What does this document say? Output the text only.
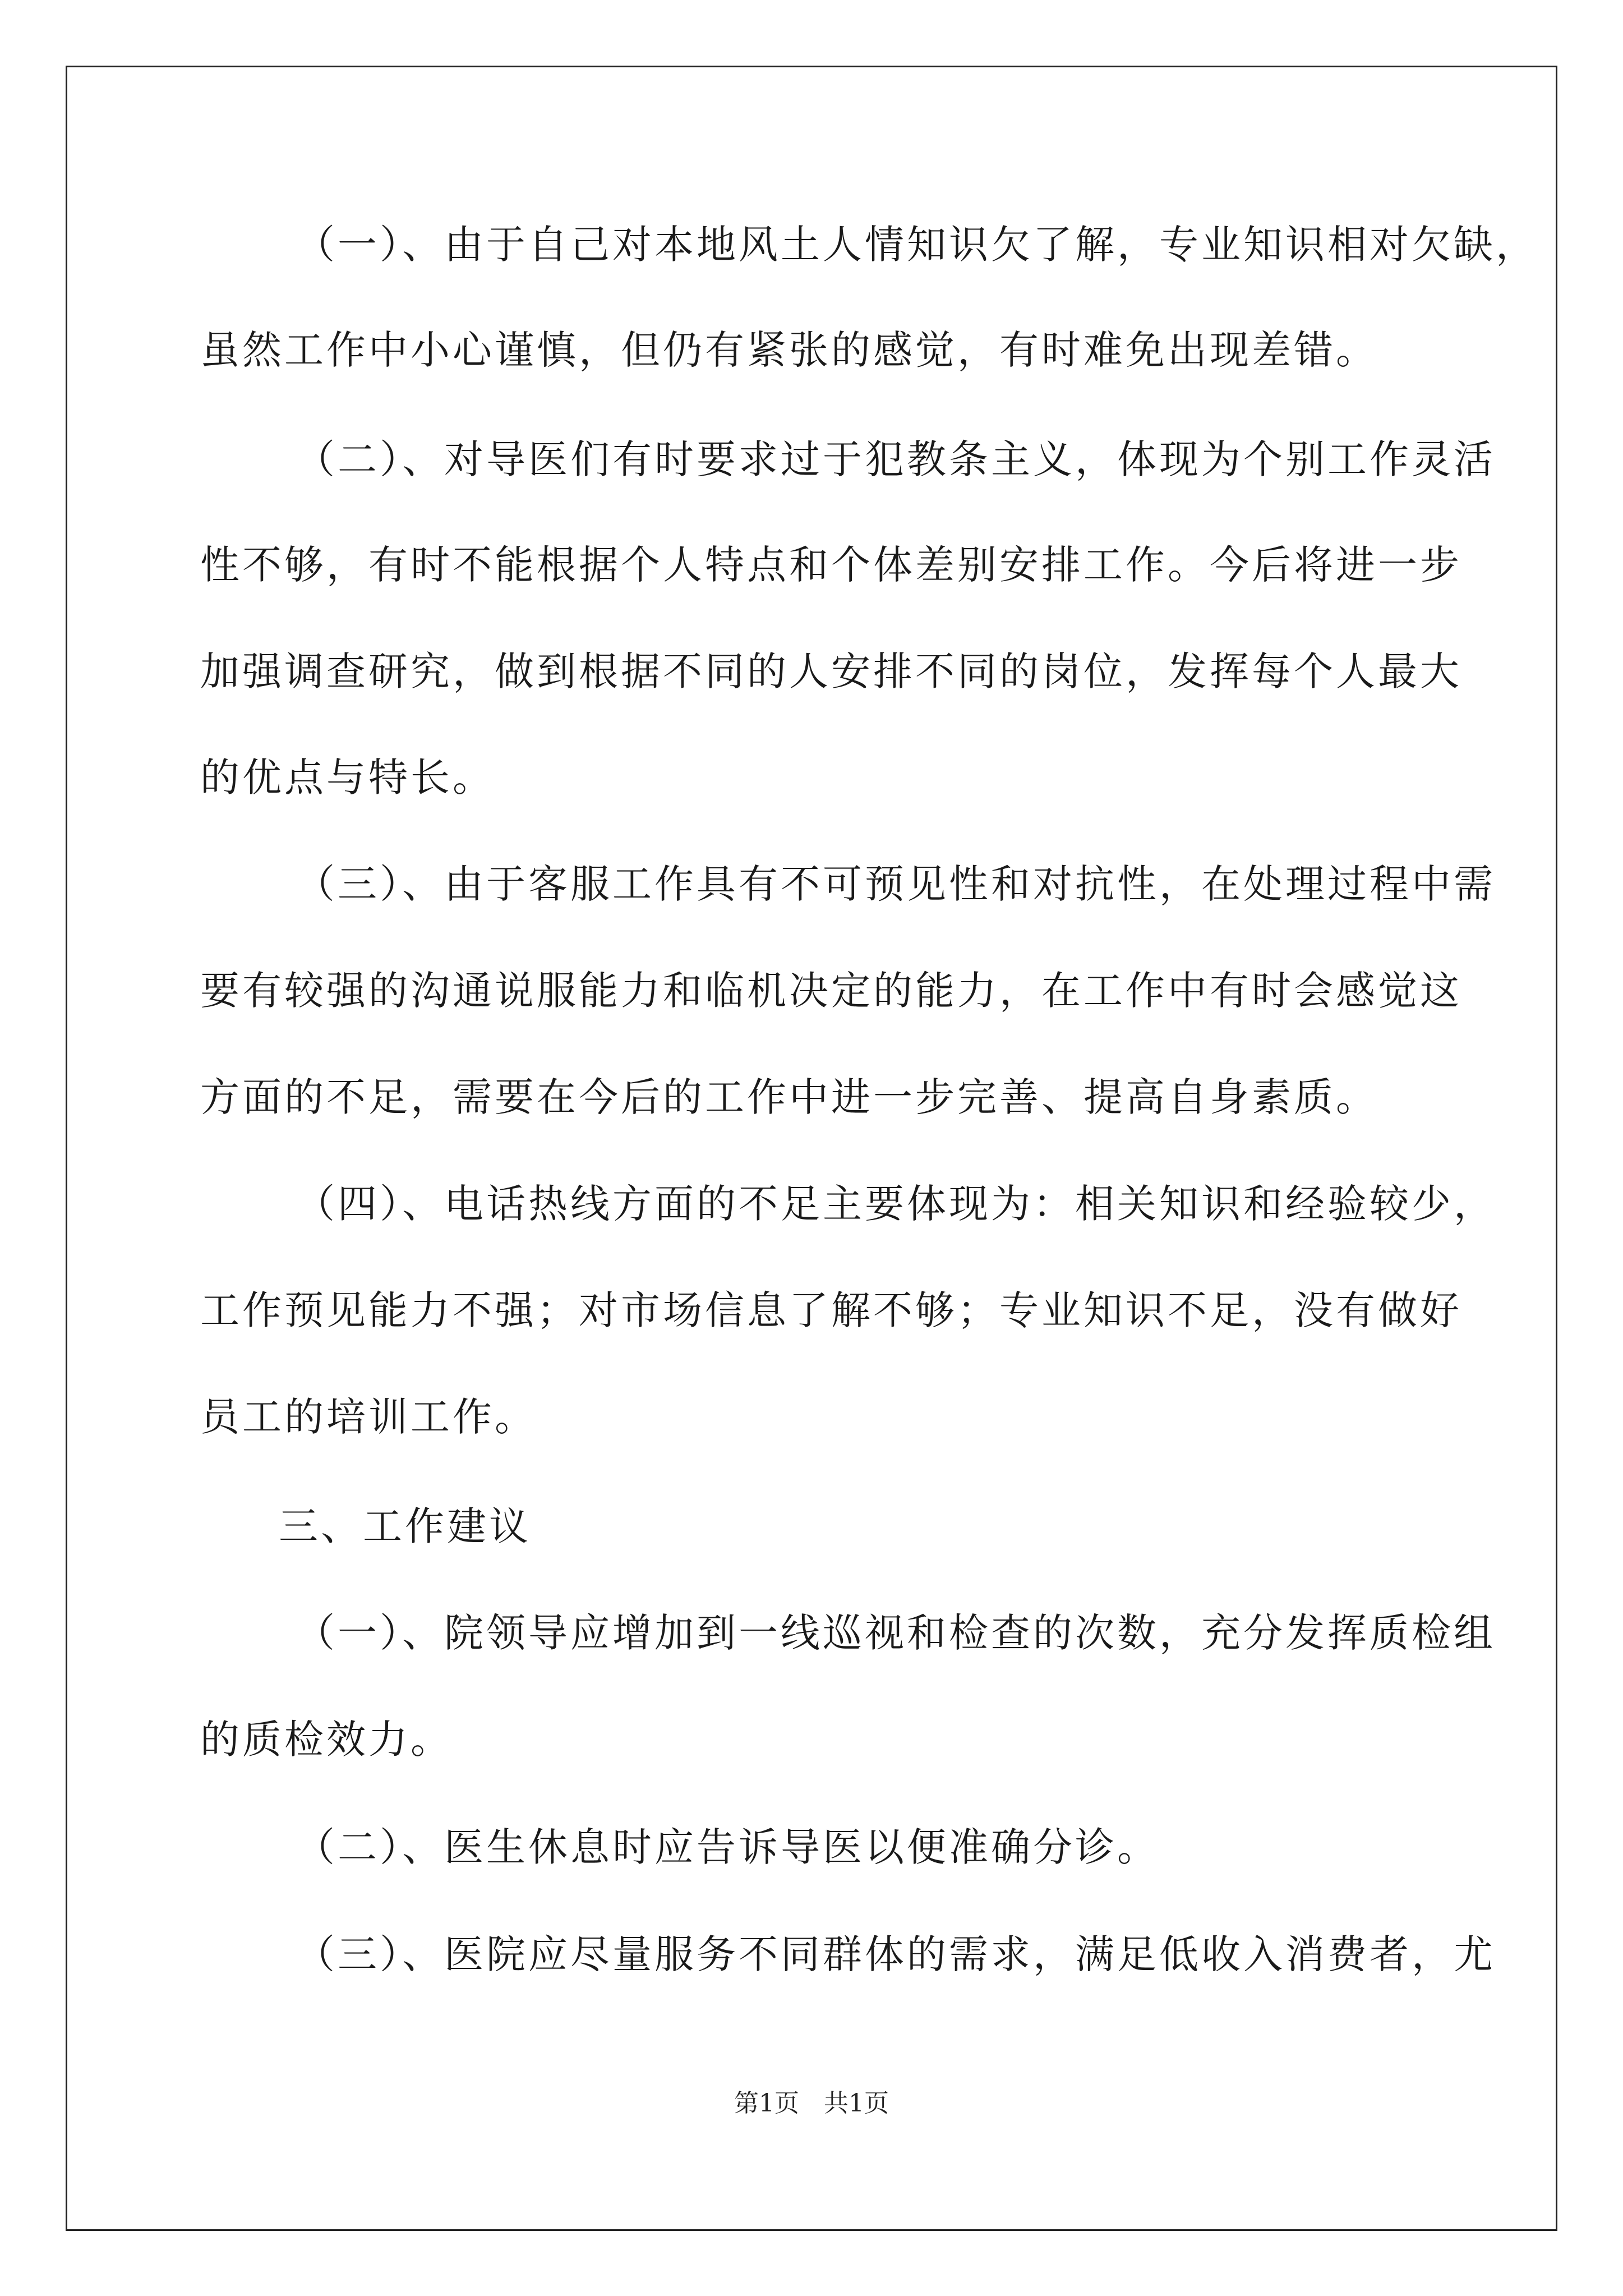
（一）、由于自己对本地风土人情知识欠了解，专业知识相对欠缺，
虽然工作中小心谨慎，但仍有紧张的感觉，有时难免出现差错。
（二）、对导医们有时要求过于犯教条主义，体现为个别工作灵活
性不够，有时不能根据个人特点和个体差别安排工作。今后将进一步
加强调查研究，做到根据不同的人安排不同的岗位，发挥每个人最大
的优点与特长。
（三）、由于客服工作具有不可预见性和对抗性，在处理过程中需
要有较强的沟通说服能力和临机决定的能力，在工作中有时会感觉这
方面的不足，需要在今后的工作中进一步完善、提高自身素质。
（四）、电话热线方面的不足主要体现为：相关知识和经验较少，
工作预见能力不强；对市场信息了解不够；专业知识不足，没有做好
员工的培训工作。
三、工作建议
（一）、院领导应增加到一线巡视和检查的次数，充分发挥质检组
的质检效力。
（二）、医生休息时应告诉导医以便准确分诊。
（三）、医院应尽量服务不同群体的需求，满足低收入消费者，尤
第1页　共1页
